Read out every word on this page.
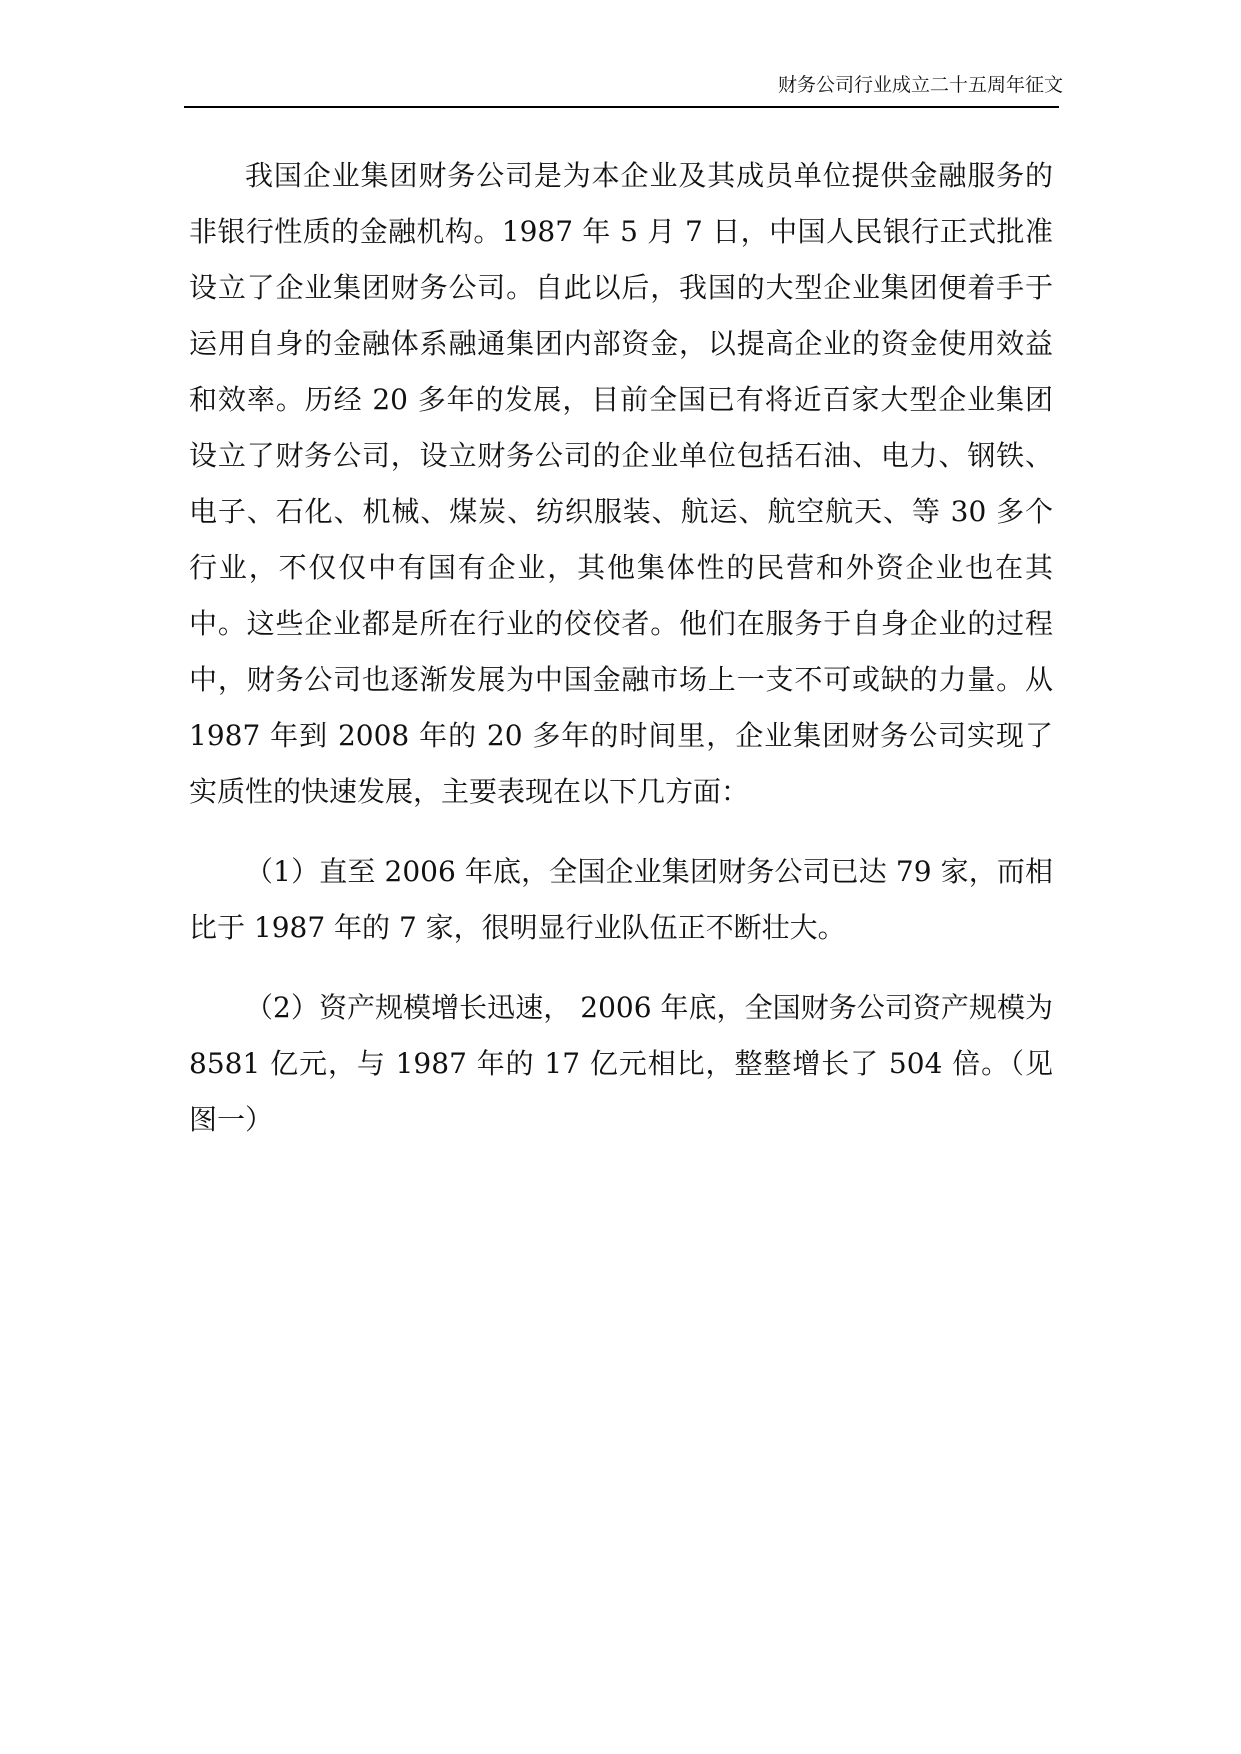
财务公司行业成立二十五周年征文

我国企业集团财务公司是为本企业及其成员单位提供金融服务的非银行性质的金融机构。1987 年 5 月 7 日，中国人民银行正式批准设立了企业集团财务公司。自此以后，我国的大型企业集团便着手于运用自身的金融体系融通集团内部资金，以提高企业的资金使用效益和效率。历经 20 多年的发展，目前全国已有将近百家大型企业集团设立了财务公司，设立财务公司的企业单位包括石油、电力、钢铁、电子、石化、机械、煤炭、纺织服装、航运、航空航天、等 30 多个行业，不仅仅中有国有企业，其他集体性的民营和外资企业也在其中。这些企业都是所在行业的佼佼者。他们在服务于自身企业的过程中，财务公司也逐渐发展为中国金融市场上一支不可或缺的力量。从 1987 年到 2008 年的 20 多年的时间里，企业集团财务公司实现了实质性的快速发展，主要表现在以下几方面：

（1）直至 2006 年底，全国企业集团财务公司已达 79 家，而相比于 1987 年的 7 家，很明显行业队伍正不断壮大。

（2）资产规模增长迅速， 2006 年底，全国财务公司资产规模为 8581 亿元，与 1987 年的 17 亿元相比，整整增长了 504 倍。（见图一）
